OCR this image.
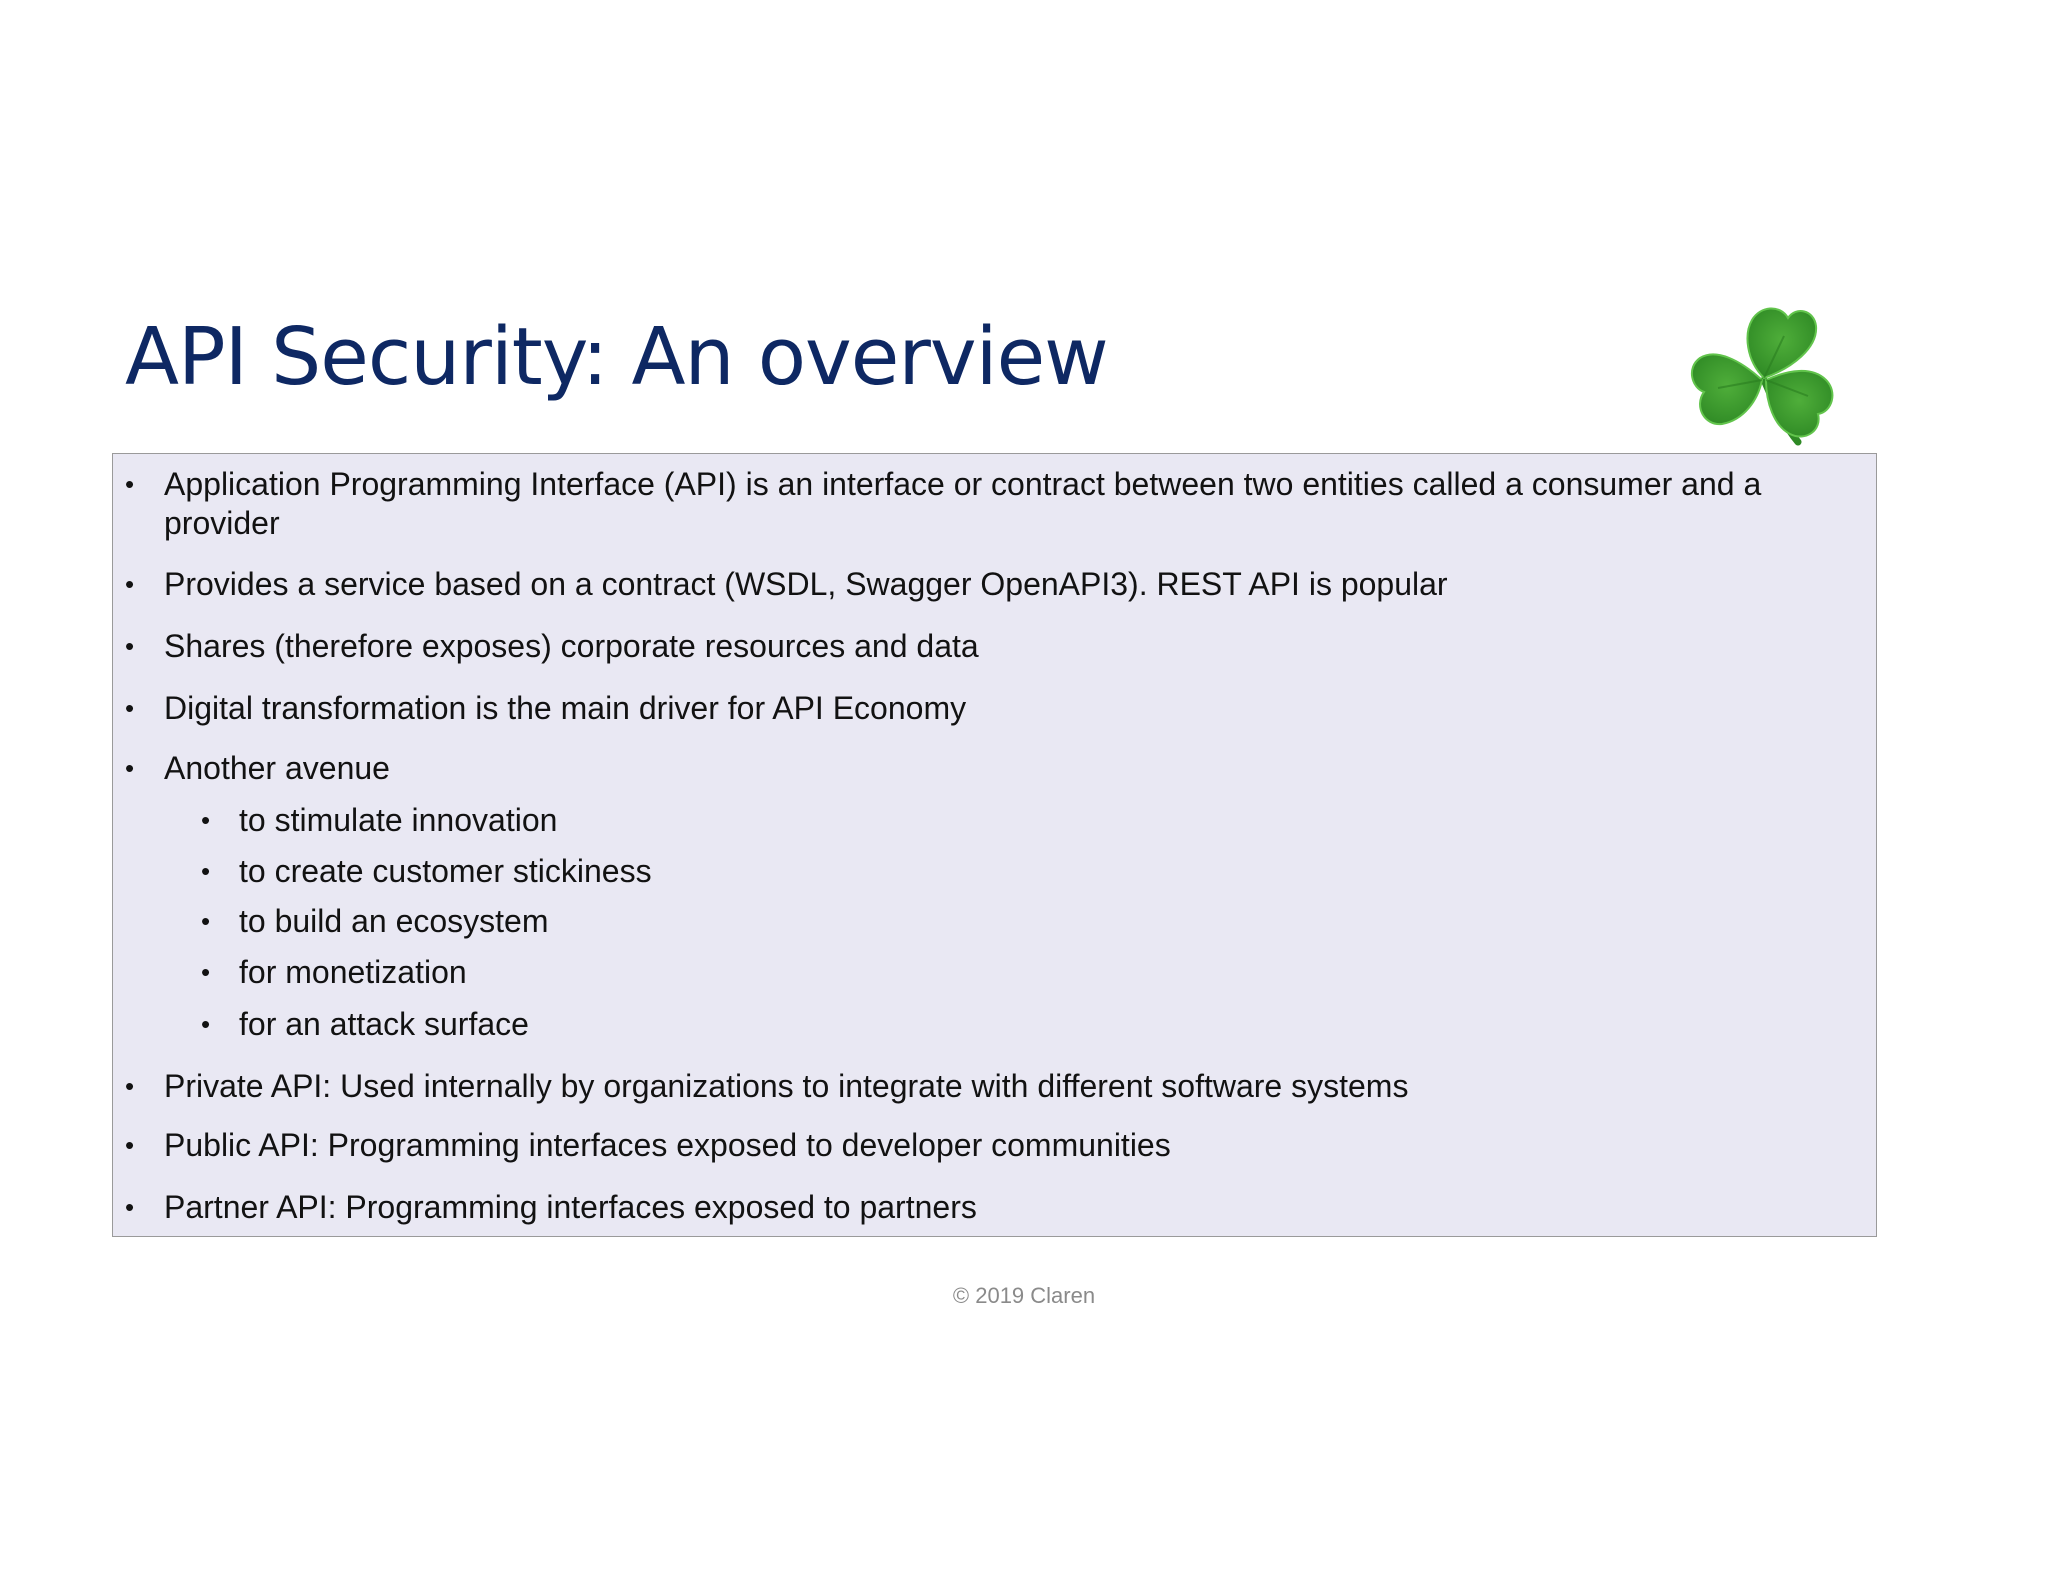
API Security: An overview
• Application Programming Interface (API) is an interface or contract between two entities called a consumer and a provider
• Provides a service based on a contract (WSDL, Swagger OpenAPI3). REST API is popular
• Shares (therefore exposes) corporate resources and data
• Digital transformation is the main driver for API Economy
• Another avenue
• to stimulate innovation
• to create customer stickiness
• to build an ecosystem
• for monetization
• for an attack surface
• Private API: Used internally by organizations to integrate with different software systems
• Public API: Programming interfaces exposed to developer communities
• Partner API: Programming interfaces exposed to partners
© 2019 Claren
